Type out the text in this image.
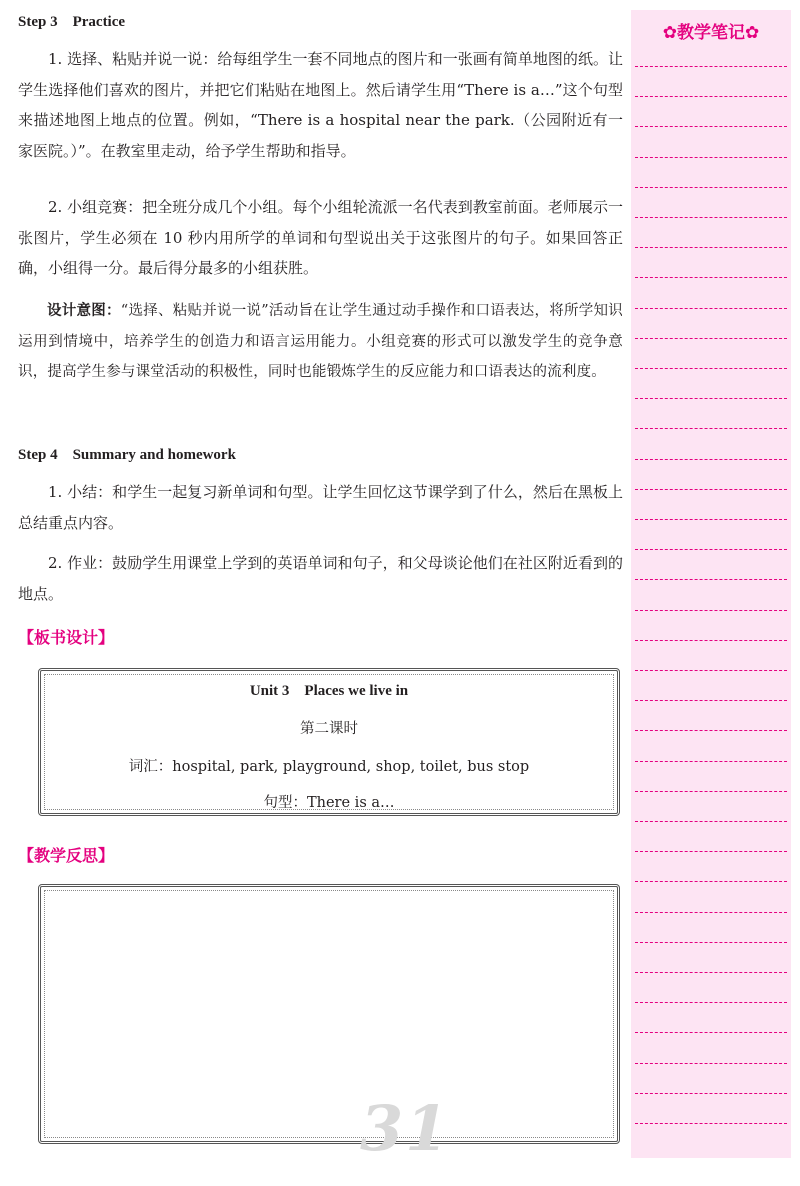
Step 3    Practice
1. 选择、粘贴并说一说：给每组学生一套不同地点的图片和一张画有简单地图的纸。让学生选择他们喜欢的图片，并把它们粘贴在地图上。然后请学生用“There is a…”这个句型来描述地图上地点的位置。例如，“There is a hospital near the park.（公园附近有一家医院。）”。在教室里走动，给予学生帮助和指导。
2. 小组竞赛：把全班分成几个小组。每个小组轮流派一名代表到教室前面。老师展示一张图片，学生必须在 10 秒内用所学的单词和句型说出关于这张图片的句子。如果回答正确，小组得一分。最后得分最多的小组获胜。
设计意图：“选择、粘贴并说一说”活动旨在让学生通过动手操作和口语表达，将所学知识运用到情境中，培养学生的创造力和语言运用能力。小组竞赛的形式可以激发学生的竞争意识，提高学生参与课堂活动的积极性，同时也能锻炼学生的反应能力和口语表达的流利度。
Step 4    Summary and homework
1. 小结：和学生一起复习新单词和句型。让学生回忆这节课学到了什么，然后在黑板上总结重点内容。
2. 作业：鼓励学生用课堂上学到的英语单词和句子，和父母谈论他们在社区附近看到的地点。
【板书设计】
Unit 3    Places we live in
第二课时
词汇：hospital, park, playground, shop, toilet, bus stop
句型：There is a…
【教学反思】
31
✿教学笔记✿
